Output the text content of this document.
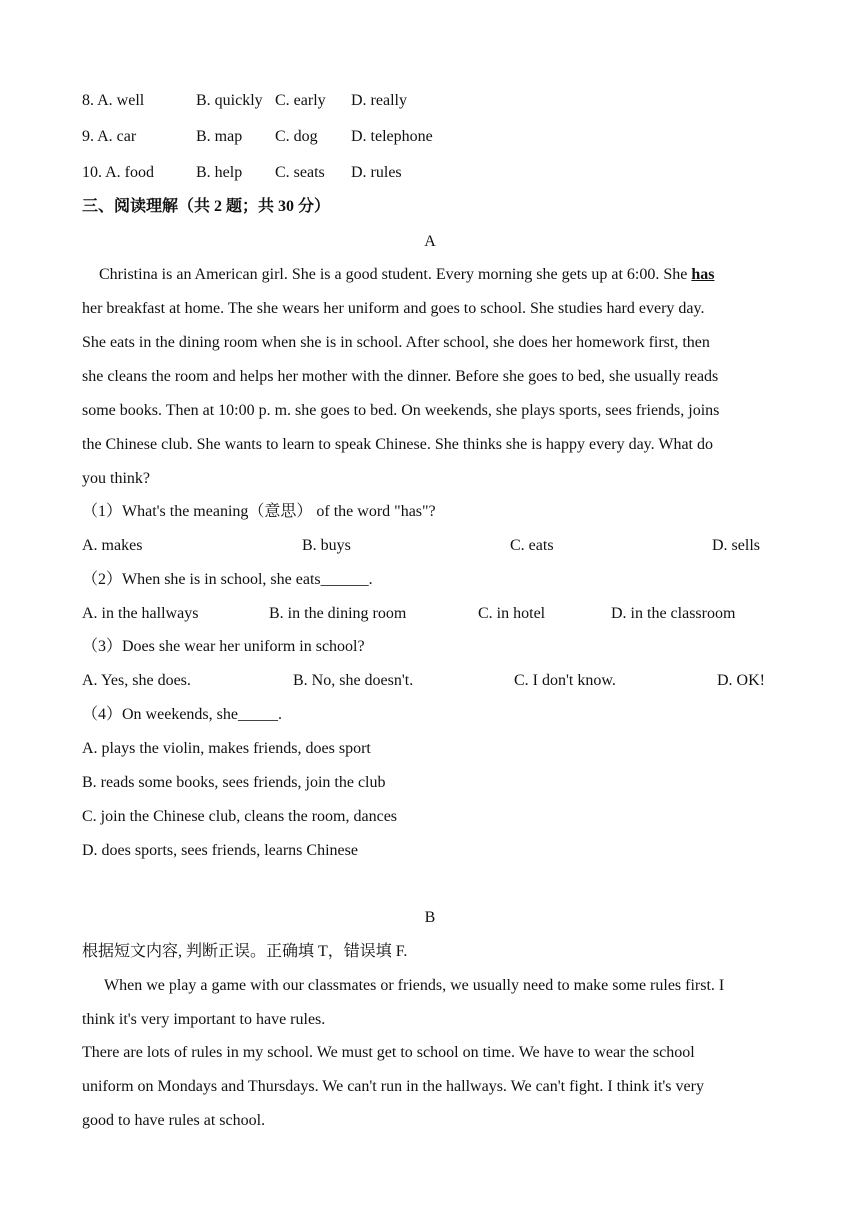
8. A. well	B. quickly C. early D. really
9. A. car	B. map C. dog D. telephone
10. A. food	B. help C. seats D. rules
三、阅读理解（共 2 题；共 30 分）
A
Christina is an American girl. She is a good student. Every morning she gets up at 6:00. She has
her breakfast at home. The she wears her uniform and goes to school. She studies hard every day.
She eats in the dining room when she is in school. After school, she does her homework first, then
she cleans the room and helps her mother with the dinner. Before she goes to bed, she usually reads
some books. Then at 10:00 p. m. she goes to bed. On weekends, she plays sports, sees friends, joins
the Chinese club. She wants to learn to speak Chinese. She thinks she is happy every day. What do
you think?
（1）What's the meaning（意思） of the word "has"?
A. makes	B. buys	C. eats	D. sells
（2）When she is in school, she eats______.
A. in the hallways	B. in the dining room	C. in hotel	D. in the classroom
（3）Does she wear her uniform in school?
A. Yes, she does.	B. No, she doesn't.	C. I don't know.	D. OK!
（4）On weekends, she_____.
A. plays the violin, makes friends, does sport
B. reads some books, sees friends, join the club
C. join the Chinese club, cleans the room, dances
D. does sports, sees friends, learns Chinese
B
根据短文内容, 判断正误。正确填 T，错误填 F.
When we play a game with our classmates or friends, we usually need to make some rules first. I
think it's very important to have rules.
There are lots of rules in my school. We must get to school on time. We have to wear the school
uniform on Mondays and Thursdays. We can't run in the hallways. We can't fight. I think it's very
good to have rules at school.
